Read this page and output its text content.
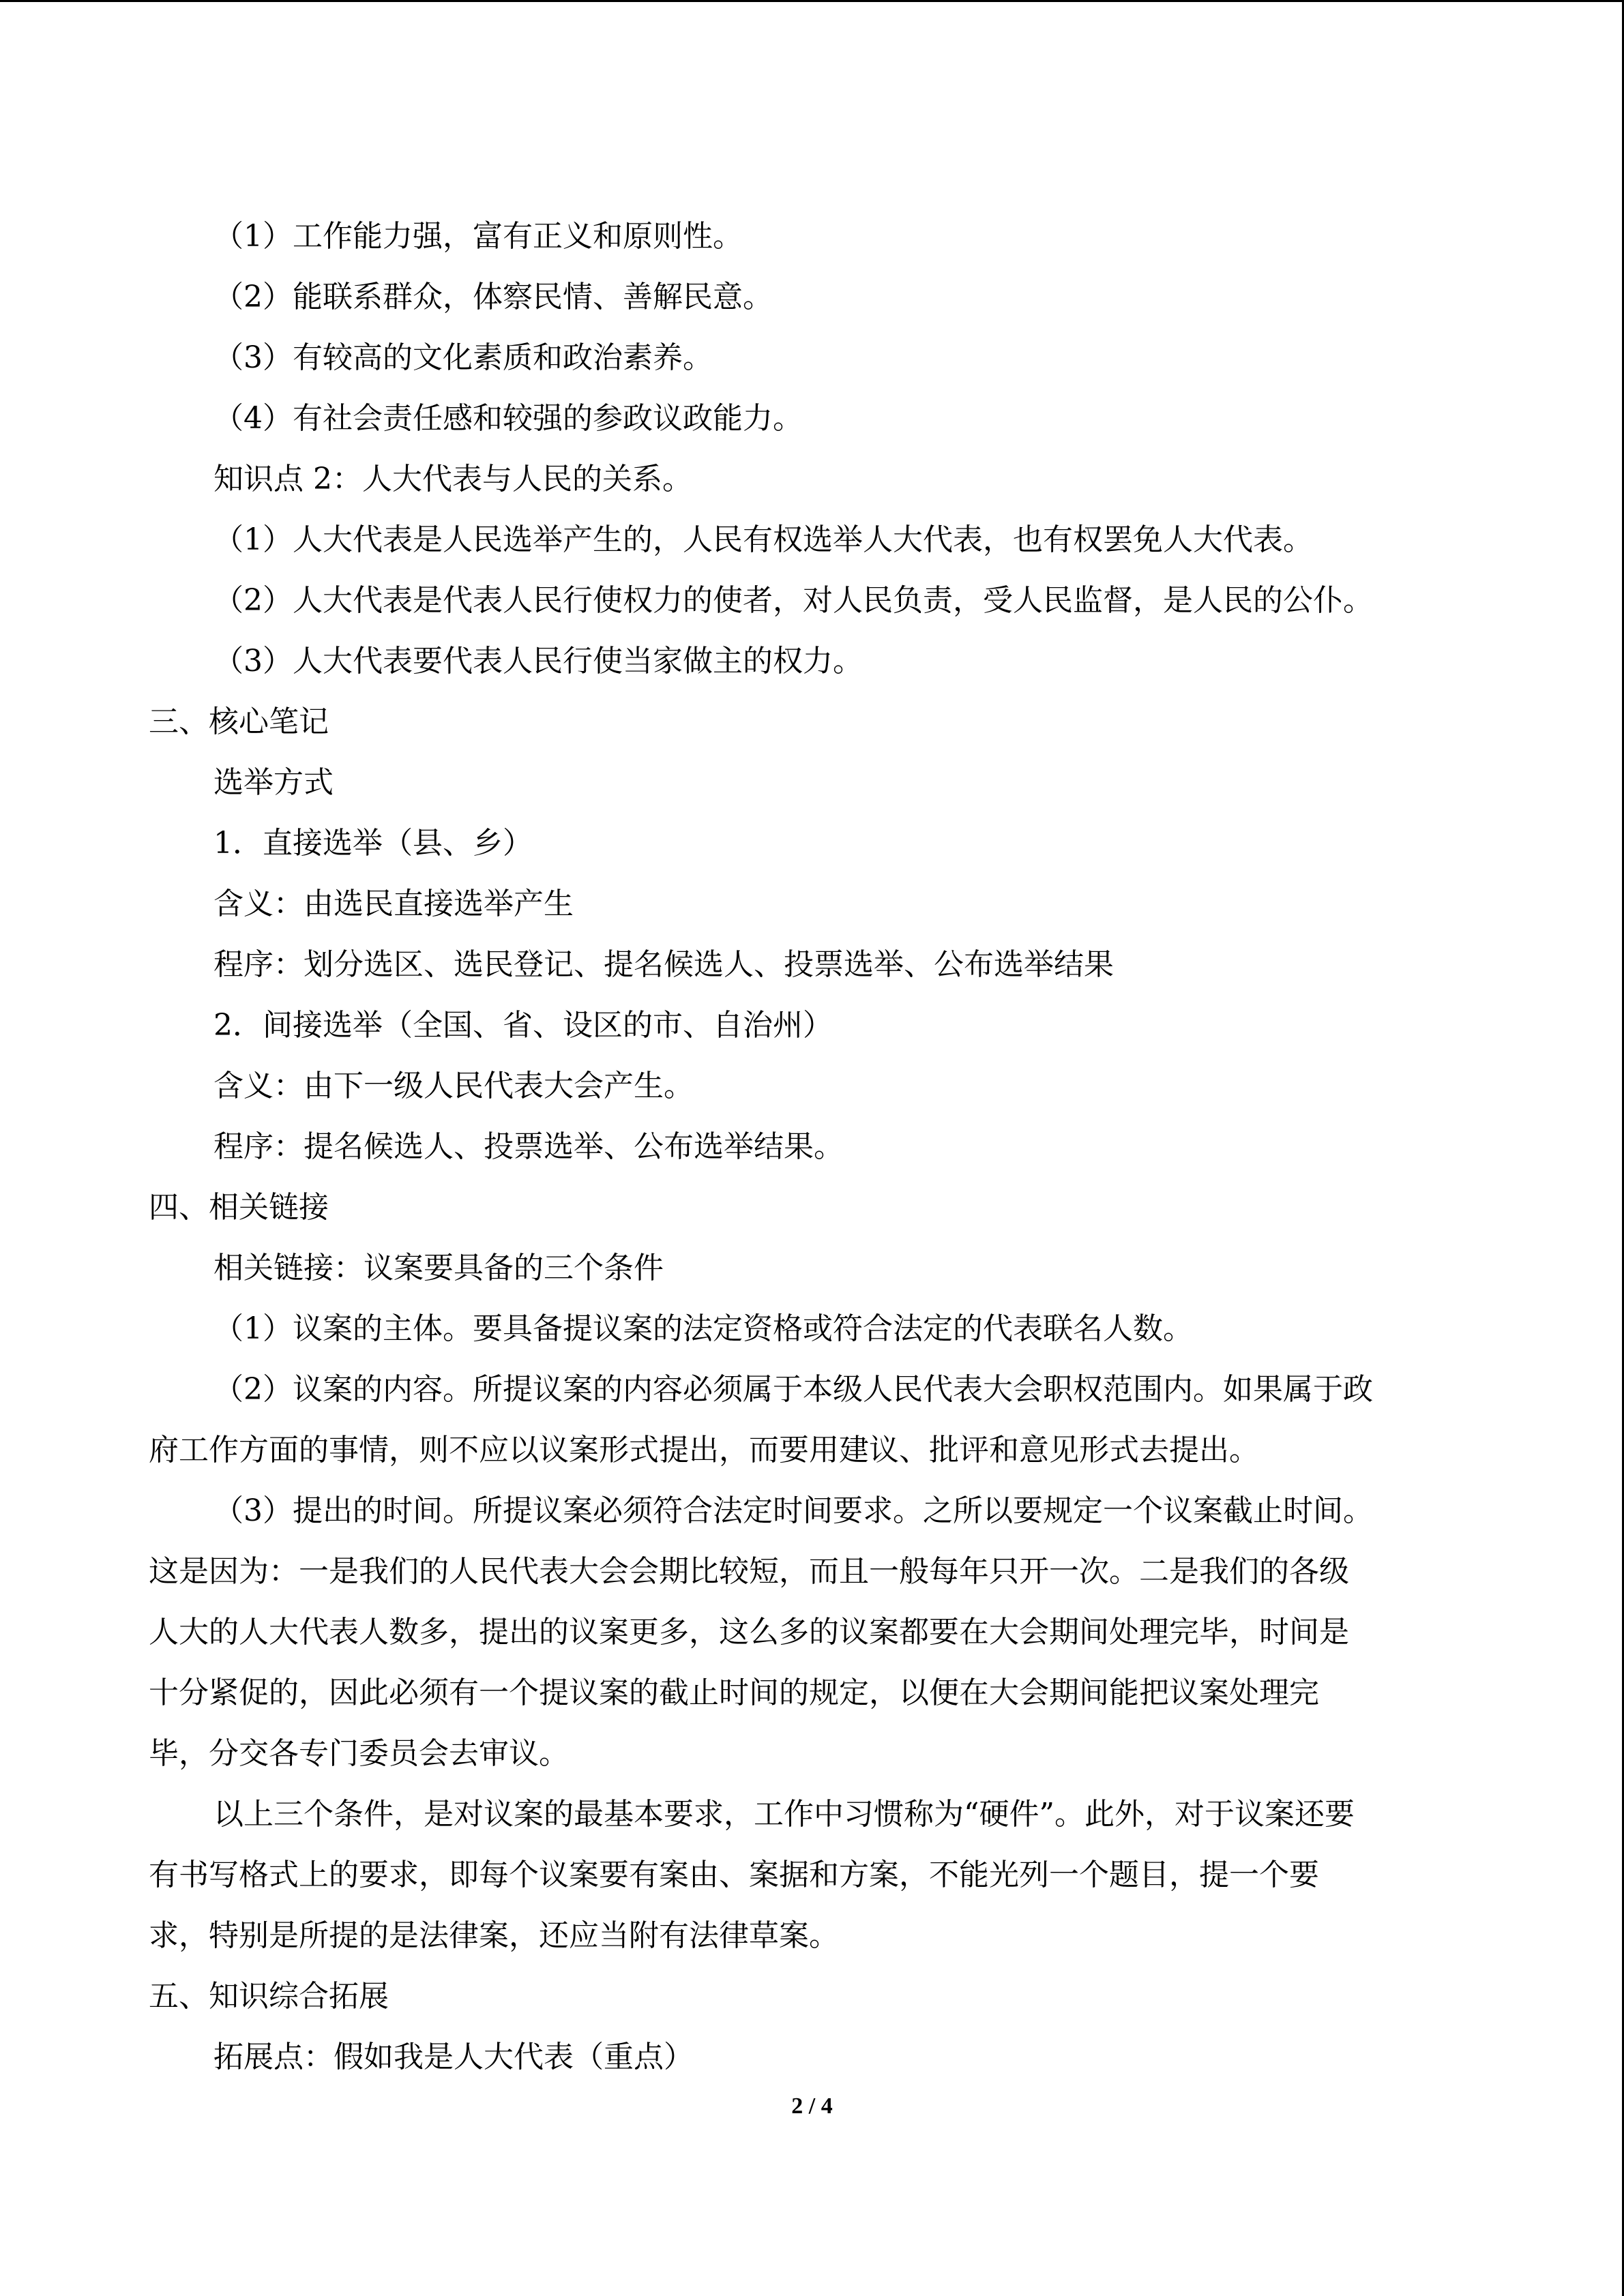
（1）工作能力强，富有正义和原则性。

（2）能联系群众，体察民情、善解民意。

（3）有较高的文化素质和政治素养。

（4）有社会责任感和较强的参政议政能力。

知识点 2：人大代表与人民的关系。

（1）人大代表是人民选举产生的，人民有权选举人大代表，也有权罢免人大代表。

（2）人大代表是代表人民行使权力的使者，对人民负责，受人民监督，是人民的公仆。

（3）人大代表要代表人民行使当家做主的权力。

三、核心笔记

选举方式

1．直接选举（县、乡）

含义：由选民直接选举产生

程序：划分选区、选民登记、提名候选人、投票选举、公布选举结果

2．间接选举（全国、省、设区的市、自治州）

含义：由下一级人民代表大会产生。

程序：提名候选人、投票选举、公布选举结果。

四、相关链接

相关链接：议案要具备的三个条件

（1）议案的主体。要具备提议案的法定资格或符合法定的代表联名人数。

（2）议案的内容。所提议案的内容必须属于本级人民代表大会职权范围内。如果属于政

府工作方面的事情，则不应以议案形式提出，而要用建议、批评和意见形式去提出。

（3）提出的时间。所提议案必须符合法定时间要求。之所以要规定一个议案截止时间。

这是因为：一是我们的人民代表大会会期比较短，而且一般每年只开一次。二是我们的各级

人大的人大代表人数多，提出的议案更多，这么多的议案都要在大会期间处理完毕，时间是

十分紧促的，因此必须有一个提议案的截止时间的规定，以便在大会期间能把议案处理完

毕，分交各专门委员会去审议。

以上三个条件，是对议案的最基本要求，工作中习惯称为“硬件”。此外，对于议案还要

有书写格式上的要求，即每个议案要有案由、案据和方案，不能光列一个题目，提一个要

求，特别是所提的是法律案，还应当附有法律草案。

五、知识综合拓展

拓展点：假如我是人大代表（重点）

2 / 4
